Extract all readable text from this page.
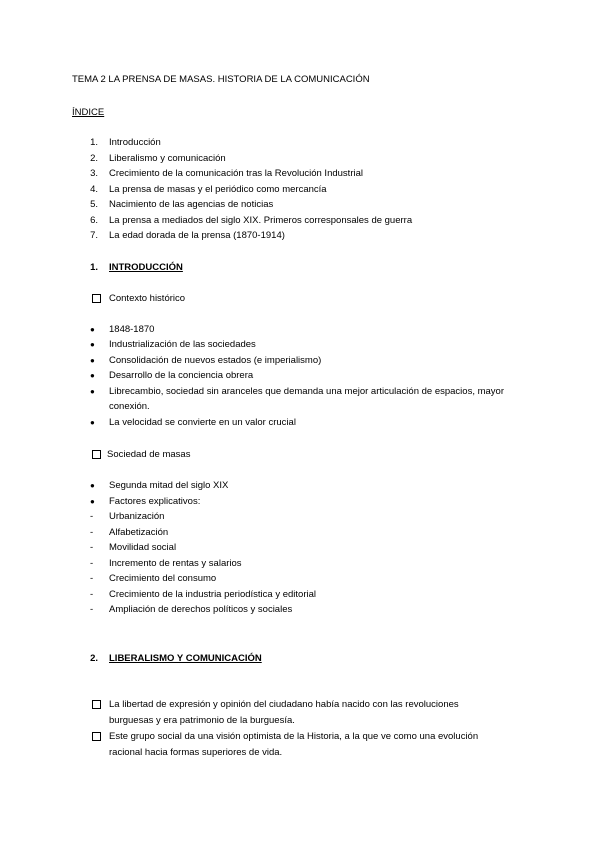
TEMA 2 LA PRENSA DE MASAS. HISTORIA DE LA COMUNICACIÓN
ÍNDICE
1. Introducción
2. Liberalismo y comunicación
3. Crecimiento de la comunicación tras la Revolución Industrial
4. La prensa de masas y el periódico como mercancía
5. Nacimiento de las agencias de noticias
6. La prensa a mediados del siglo XIX. Primeros corresponsales de guerra
7. La edad dorada de la prensa (1870-1914)
1. INTRODUCCIÓN
Contexto histórico
● 1848-1870
● Industrialización de las sociedades
● Consolidación de nuevos estados (e imperialismo)
● Desarrollo de la conciencia obrera
● Librecambio, sociedad sin aranceles que demanda una mejor articulación de espacios, mayor
conexión.
● La velocidad se convierte en un valor crucial
Sociedad de masas
● Segunda mitad del siglo XIX
● Factores explicativos:
- Urbanización
- Alfabetización
- Movilidad social
- Incremento de rentas y salarios
- Crecimiento del consumo
- Crecimiento de la industria periodística y editorial
- Ampliación de derechos políticos y sociales
2. LIBERALISMO Y COMUNICACIÓN
La libertad de expresión y opinión del ciudadano había nacido con las revoluciones
burguesas y era patrimonio de la burguesía.
Este grupo social da una visión optimista de la Historia, a la que ve como una evolución
racional hacia formas superiores de vida.
